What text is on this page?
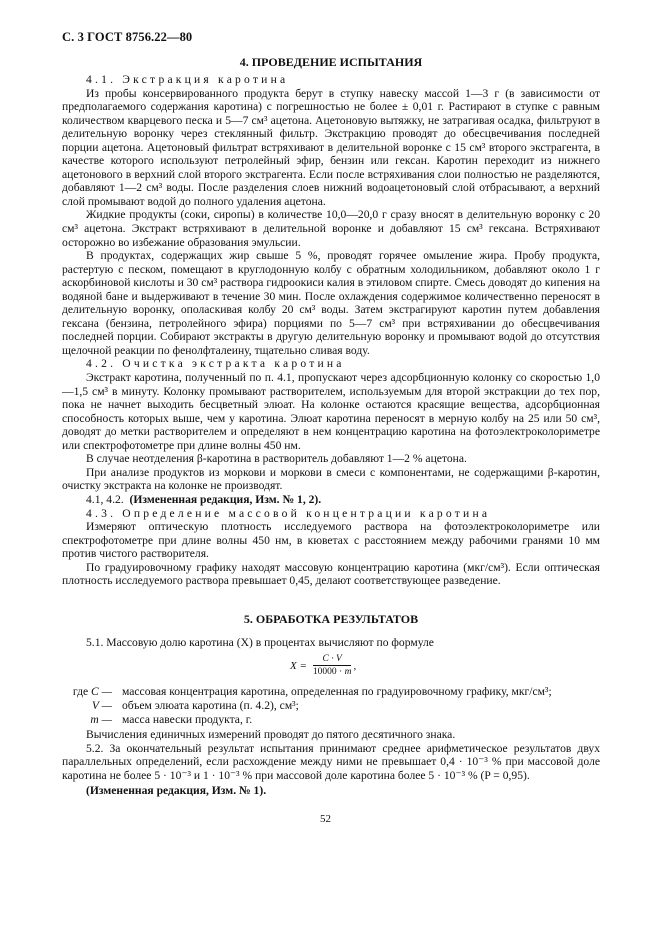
С. 3 ГОСТ 8756.22—80
4. ПРОВЕДЕНИЕ ИСПЫТАНИЯ

4.1. Экстракция каротина

Из пробы консервированного продукта берут в ступку навеску массой 1—3 г (в зависимости от предполагаемого содержания каротина) с погрешностью не более ± 0,01 г. Растирают в ступке с равным количеством кварцевого песка и 5—7 см³ ацетона. Ацетоновую вытяжку, не затрагивая осадка, фильтруют в делительную воронку через стеклянный фильтр. Экстракцию проводят до обесцвечивания последней порции ацетона. Ацетоновый фильтрат встряхивают в делительной воронке с 15 см³ второго экстрагента, в качестве которого используют петролейный эфир, бензин или гексан. Каротин переходит из нижнего ацетонового в верхний слой второго экстрагента. Если после встряхивания слои полностью не разделяются, добавляют 1—2 см³ воды. После разделения слоев нижний водоацетоновый слой отбрасывают, а верхний слой промывают водой до полного удаления ацетона.

Жидкие продукты (соки, сиропы) в количестве 10,0—20,0 г сразу вносят в делительную воронку с 20 см³ ацетона. Экстракт встряхивают в делительной воронке и добавляют 15 см³ гексана. Встряхивают осторожно во избежание образования эмульсии.

В продуктах, содержащих жир свыше 5 %, проводят горячее омыление жира. Пробу продукта, растертую с песком, помещают в круглодонную колбу с обратным холодильником, добавляют около 1 г аскорбиновой кислоты и 30 см³ раствора гидроокиси калия в этиловом спирте. Смесь доводят до кипения на водяной бане и выдерживают в течение 30 мин. После охлаждения содержимое количественно переносят в делительную воронку, ополаскивая колбу 20 см³ воды. Затем экстрагируют каротин путем добавления гексана (бензина, петролейного эфира) порциями по 5—7 см³ при встряхивании до обесцвечивания последней порции. Собирают экстракты в другую делительную воронку и промывают водой до отсутствия щелочной реакции по фенолфталеину, тщательно сливая воду.

4.2. Очистка экстракта каротина

Экстракт каротина, полученный по п. 4.1, пропускают через адсорбционную колонку со скоростью 1,0—1,5 см³ в минуту. Колонку промывают растворителем, используемым для второй экстракции до тех пор, пока не начнет выходить бесцветный элюат. На колонке остаются красящие вещества, адсорбционная способность которых выше, чем у каротина. Элюат каротина переносят в мерную колбу на 25 или 50 см³, доводят до метки растворителем и определяют в нем концентрацию каротина на фотоэлектроколориметре или спектрофотометре при длине волны 450 нм.

В случае неотделения β-каротина в растворитель добавляют 1—2 % ацетона.

При анализе продуктов из моркови и моркови в смеси с компонентами, не содержащими β-каротин, очистку экстракта на колонке не производят.

4.1, 4.2. (Измененная редакция, Изм. № 1, 2).

4.3. Определение массовой концентрации каротина

Измеряют оптическую плотность исследуемого раствора на фотоэлектроколориметре или спектрофотометре при длине волны 450 нм, в кюветах с расстоянием между рабочими гранями 10 мм против чистого растворителя.

По градуировочному графику находят массовую концентрацию каротина (мкг/см³). Если оптическая плотность исследуемого раствора превышает 0,45, делают соответствующее разведение.

5. ОБРАБОТКА РЕЗУЛЬТАТОВ

5.1. Массовую долю каротина (X) в процентах вычисляют по формуле

$X = \frac{C \cdot V}{10000 \cdot m}$ ,
где C — массовая концентрация каротина, определенная по градуировочному графику, мкг/см³;
V — объем элюата каротина (п. 4.2), см³;
m — масса навески продукта, г.

Вычисления единичных измерений проводят до пятого десятичного знака.

5.2. За окончательный результат испытания принимают среднее арифметическое результатов двух параллельных определений, если расхождение между ними не превышает 0,4 · 10⁻³ % при массовой доле каротина не более 5 · 10⁻³ и 1 · 10⁻³ % при массовой доле каротина более 5 · 10⁻³ % (P = 0,95).

(Измененная редакция, Изм. № 1).

52
